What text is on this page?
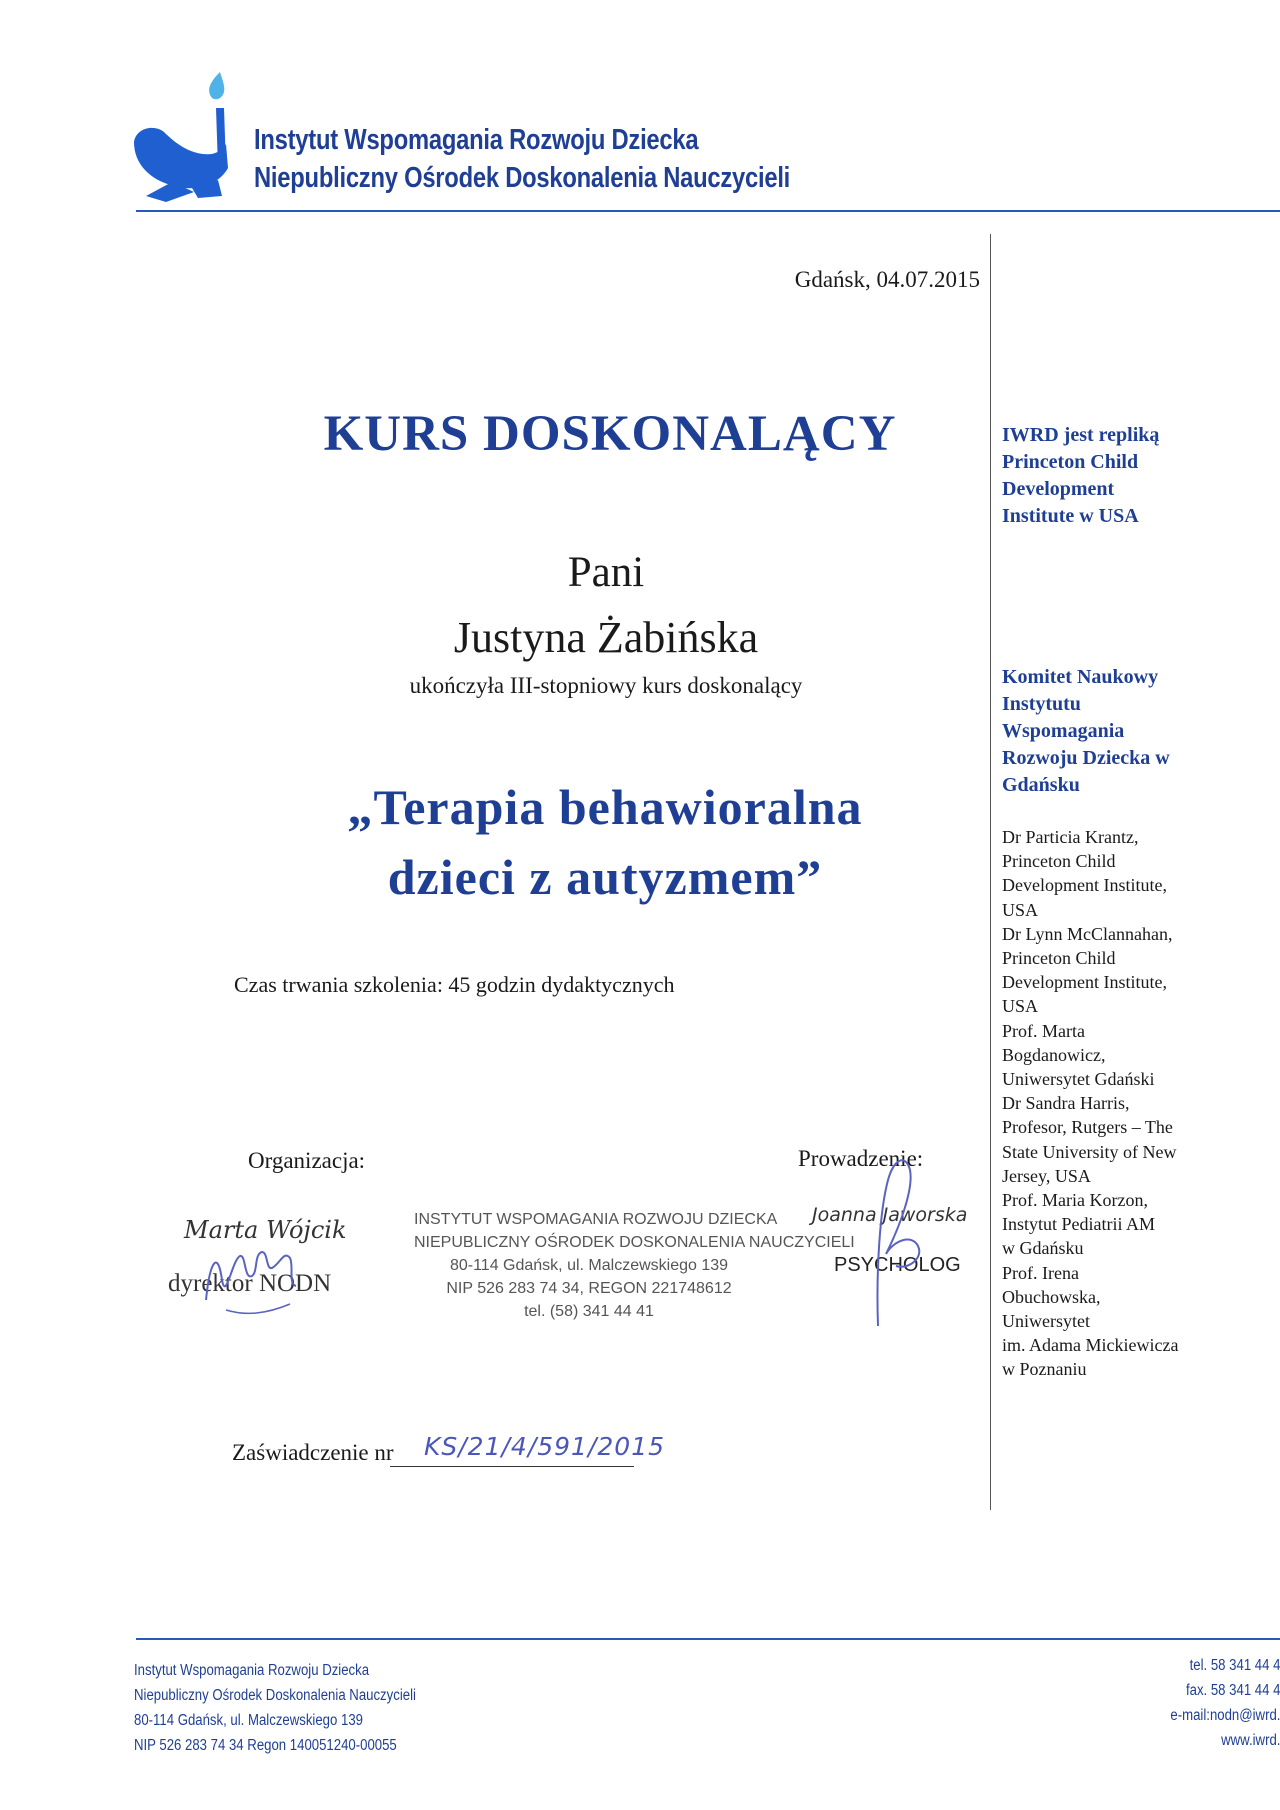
Instytut Wspomagania Rozwoju Dziecka
Niepubliczny Ośrodek Doskonalenia Nauczycieli
Gdańsk, 04.07.2015
KURS DOSKONALĄCY
Pani
Justyna Żabińska
ukończyła III-stopniowy kurs doskonalący
„Terapia behawioralna
dzieci z autyzmem”
Czas trwania szkolenia: 45 godzin dydaktycznych
Organizacja:	Prowadzenie:
Marta Wójcik
dyrektor NODN
INSTYTUT WSPOMAGANIA ROZWOJU DZIECKA
NIEPUBLICZNY OŚRODEK DOSKONALENIA NAUCZYCIELI
80-114 Gdańsk, ul. Malczewskiego 139
NIP 526 283 74 34, REGON 221748612
tel. (58) 341 44 41
Joanna Jaworska
PSYCHOLOG
Zaświadczenie nr KS/21/4/591/2015
IWRD jest repliką
Princeton Child
Development
Institute w USA
Komitet Naukowy
Instytutu
Wspomagania
Rozwoju Dziecka w
Gdańsku
Dr Particia Krantz,
Princeton Child
Development Institute,
USA
Dr Lynn McClannahan,
Princeton Child
Development Institute,
USA
Prof. Marta
Bogdanowicz,
Uniwersytet Gdański
Dr Sandra Harris,
Profesor, Rutgers – The
State University of New
Jersey, USA
Prof. Maria Korzon,
Instytut Pediatrii AM
w Gdańsku
Prof. Irena
Obuchowska,
Uniwersytet
im. Adama Mickiewicza
w Poznaniu
Instytut Wspomagania Rozwoju Dziecka
Niepubliczny Ośrodek Doskonalenia Nauczycieli
80-114 Gdańsk, ul. Malczewskiego 139
NIP 526 283 74 34 Regon 140051240-00055
tel. 58 341 44 4
fax. 58 341 44 4
e-mail:nodn@iwrd.
www.iwrd.
